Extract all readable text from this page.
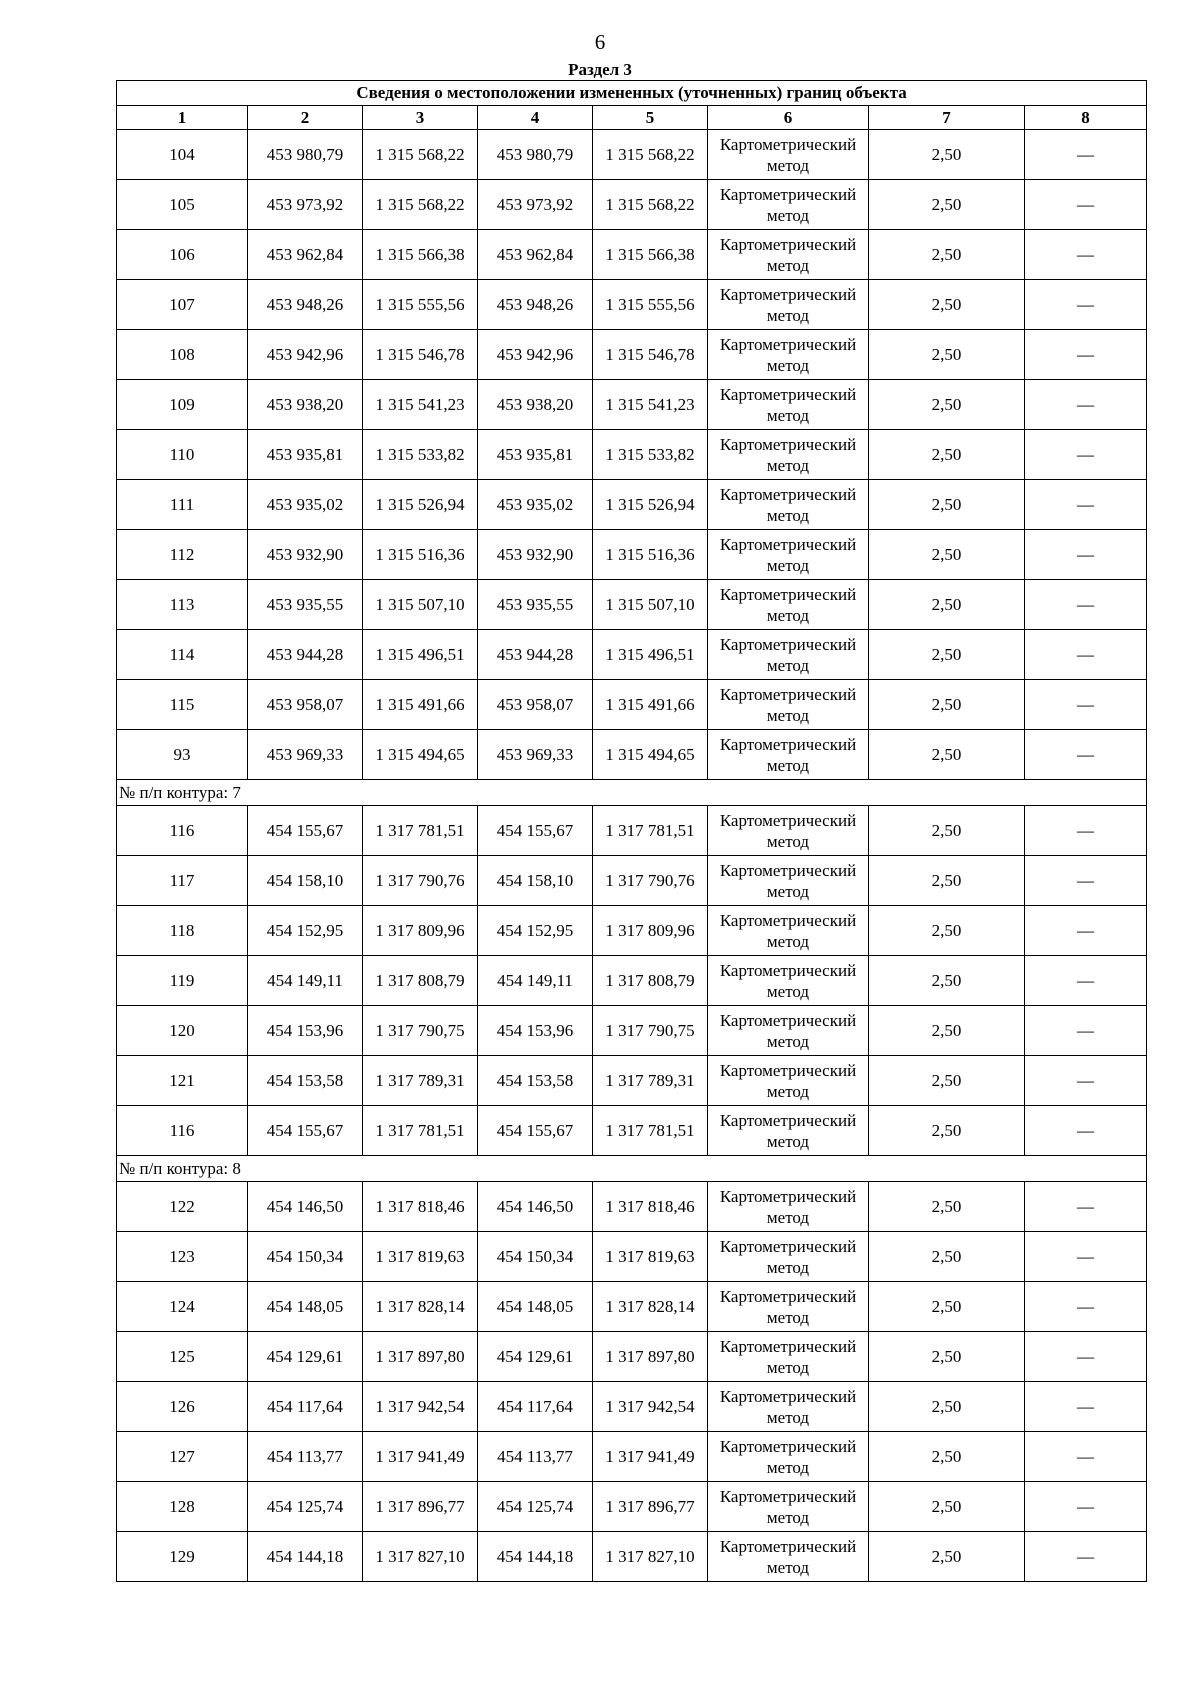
6
Раздел 3
Сведения о местоположении измененных (уточненных) границ объекта							
1	2	3	4	5	6	7	8
104	453 980,79	1 315 568,22	453 980,79	1 315 568,22	Картометрический метод	2,50	—
105	453 973,92	1 315 568,22	453 973,92	1 315 568,22	Картометрический метод	2,50	—
106	453 962,84	1 315 566,38	453 962,84	1 315 566,38	Картометрический метод	2,50	—
107	453 948,26	1 315 555,56	453 948,26	1 315 555,56	Картометрический метод	2,50	—
108	453 942,96	1 315 546,78	453 942,96	1 315 546,78	Картометрический метод	2,50	—
109	453 938,20	1 315 541,23	453 938,20	1 315 541,23	Картометрический метод	2,50	—
110	453 935,81	1 315 533,82	453 935,81	1 315 533,82	Картометрический метод	2,50	—
111	453 935,02	1 315 526,94	453 935,02	1 315 526,94	Картометрический метод	2,50	—
112	453 932,90	1 315 516,36	453 932,90	1 315 516,36	Картометрический метод	2,50	—
113	453 935,55	1 315 507,10	453 935,55	1 315 507,10	Картометрический метод	2,50	—
114	453 944,28	1 315 496,51	453 944,28	1 315 496,51	Картометрический метод	2,50	—
115	453 958,07	1 315 491,66	453 958,07	1 315 491,66	Картометрический метод	2,50	—
93	453 969,33	1 315 494,65	453 969,33	1 315 494,65	Картометрический метод	2,50	—
№ п/п контура: 7							
116	454 155,67	1 317 781,51	454 155,67	1 317 781,51	Картометрический метод	2,50	—
117	454 158,10	1 317 790,76	454 158,10	1 317 790,76	Картометрический метод	2,50	—
118	454 152,95	1 317 809,96	454 152,95	1 317 809,96	Картометрический метод	2,50	—
119	454 149,11	1 317 808,79	454 149,11	1 317 808,79	Картометрический метод	2,50	—
120	454 153,96	1 317 790,75	454 153,96	1 317 790,75	Картометрический метод	2,50	—
121	454 153,58	1 317 789,31	454 153,58	1 317 789,31	Картометрический метод	2,50	—
116	454 155,67	1 317 781,51	454 155,67	1 317 781,51	Картометрический метод	2,50	—
№ п/п контура: 8							
122	454 146,50	1 317 818,46	454 146,50	1 317 818,46	Картометрический метод	2,50	—
123	454 150,34	1 317 819,63	454 150,34	1 317 819,63	Картометрический метод	2,50	—
124	454 148,05	1 317 828,14	454 148,05	1 317 828,14	Картометрический метод	2,50	—
125	454 129,61	1 317 897,80	454 129,61	1 317 897,80	Картометрический метод	2,50	—
126	454 117,64	1 317 942,54	454 117,64	1 317 942,54	Картометрический метод	2,50	—
127	454 113,77	1 317 941,49	454 113,77	1 317 941,49	Картометрический метод	2,50	—
128	454 125,74	1 317 896,77	454 125,74	1 317 896,77	Картометрический метод	2,50	—
129	454 144,18	1 317 827,10	454 144,18	1 317 827,10	Картометрический метод	2,50	—
